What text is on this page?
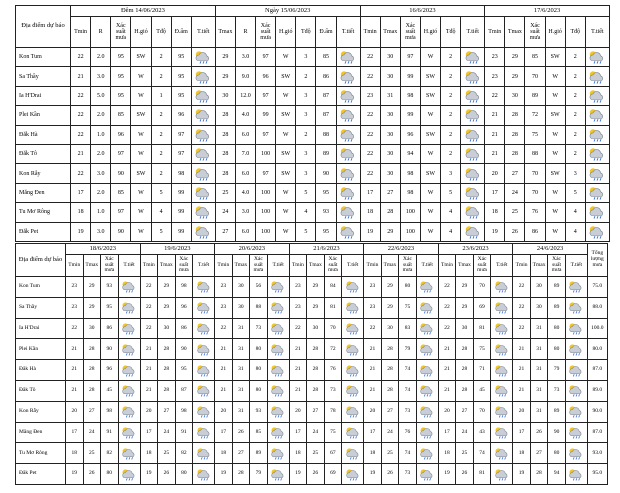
Địa điểm dự báo	Đêm 14/06/2023							Ngày 15/06/2023							16/6/2023						17/6/2023					
	Tmin	R	Xác suất mưa	H.gió	Tđộ	Đ.ẩm	T.tiết	Tmax	R	Xác suất mưa	H.gió	Tđộ	Đ.ẩm	T.tiết	Tmin	Tmax	Xác suất mưa	H.gió	Tđộ	T.tiết	Tmin	Tmax	Xác suất mưa	H.gió	Tđộ	T.tiết
Kon Tum	22	2.0	95	SW	2	95		29	3.0	97	W	3	85		22	30	97	W	2		23	29	85	SW	2	
Sa Thầy	21	3.0	95	W	2	95		29	9.0	96	SW	2	86		22	30	99	SW	2		23	29	70	W	2	
Ia H'Drai	22	5.0	95	W	1	95		30	12.0	97	W	3	87		23	31	98	SW	2		22	30	89	W	2	
Plei Kần	22	2.0	85	SW	2	96		28	4.0	99	SW	3	87		22	30	99	W	2		21	28	72	SW	2	
Đăk Hà	22	1.0	96	W	2	97		28	6.0	97	W	2	88		22	30	96	SW	2		21	28	75	W	2	
Đăk Tô	21	2.0	97	W	2	97		28	7.0	100	SW	3	89		22	30	94	W	2		21	28	88	W	2	
Kon Rẫy	22	3.0	90	SW	2	98		28	6.0	97	SW	3	90		22	30	98	SW	3		20	27	70	SW	3	
Măng Đen	17	2.0	85	W	5	99		25	4.0	100	W	5	95		17	27	98	W	5		17	24	70	W	5	
Tu Mơ Rông	18	1.0	97	W	4	99		24	3.0	100	W	4	93		18	28	100	W	4		18	25	76	W	4	
Đăk Pet	19	3.0	90	W	5	99		27	6.0	100	W	5	95		19	29	100	W	4		19	26	86	W	4	
Địa điểm dự báo	18/6/2023				19/6/2023				20/6/2023				21/6/2023				22/6/2023				23/6/2023				24/6/2023				Tổng lượng mưa
	Tmin	Tmax	Xác suất mưa	T.tiết	Tmin	Tmax	Xác suất mưa	T.tiết	Tmin	Tmax	Xác suất mưa	T.tiết	Tmin	Tmax	Xác suất mưa	T.tiết	Tmin	Tmax	Xác suất mưa	T.tiết	Tmin	Tmax	Xác suất mưa	T.tiết	Tmin	Tmax	Xác suất mưa	T.tiết	
Kon Tum	23	29	93		22	29	98		23	30	56		23	29	84		23	29	80		22	29	70		22	30	89		75.0
Sa Thầy	23	29	95		22	29	96		23	30	88		23	29	81		23	29	75		22	29	69		22	30	89		88.0
Ia H'Drai	22	30	86		22	30	86		22	31	73		22	30	70		22	30	83		22	30	81		22	31	80		100.0
Plei Kần	21	28	90		21	28	90		21	31	80		21	28	72		21	28	79		21	28	75		21	31	80		80.0
Đăk Hà	21	28	96		21	28	95		21	31	80		21	28	76		21	28	74		21	28	71		21	31	79		87.0
Đăk Tô	21	28	45		21	28	87		21	31	80		21	28	73		21	28	74		21	28	45		21	31	73		89.0
Kon Rẫy	20	27	98		20	27	98		20	31	93		20	27	78		20	27	73		20	27	70		20	31	89		90.0
Măng Đen	17	24	91		17	24	91		17	26	85		17	24	75		17	24	76		17	24	43		17	26	90		87.0
Tu Mơ Rông	18	25	82		18	25	82		18	27	89		18	25	67		18	25	74		18	25	74		18	27	80		93.0
Đăk Pet	19	26	80		19	26	80		19	28	79		19	26	69		19	26	73		19	26	81		19	28	94		95.0
